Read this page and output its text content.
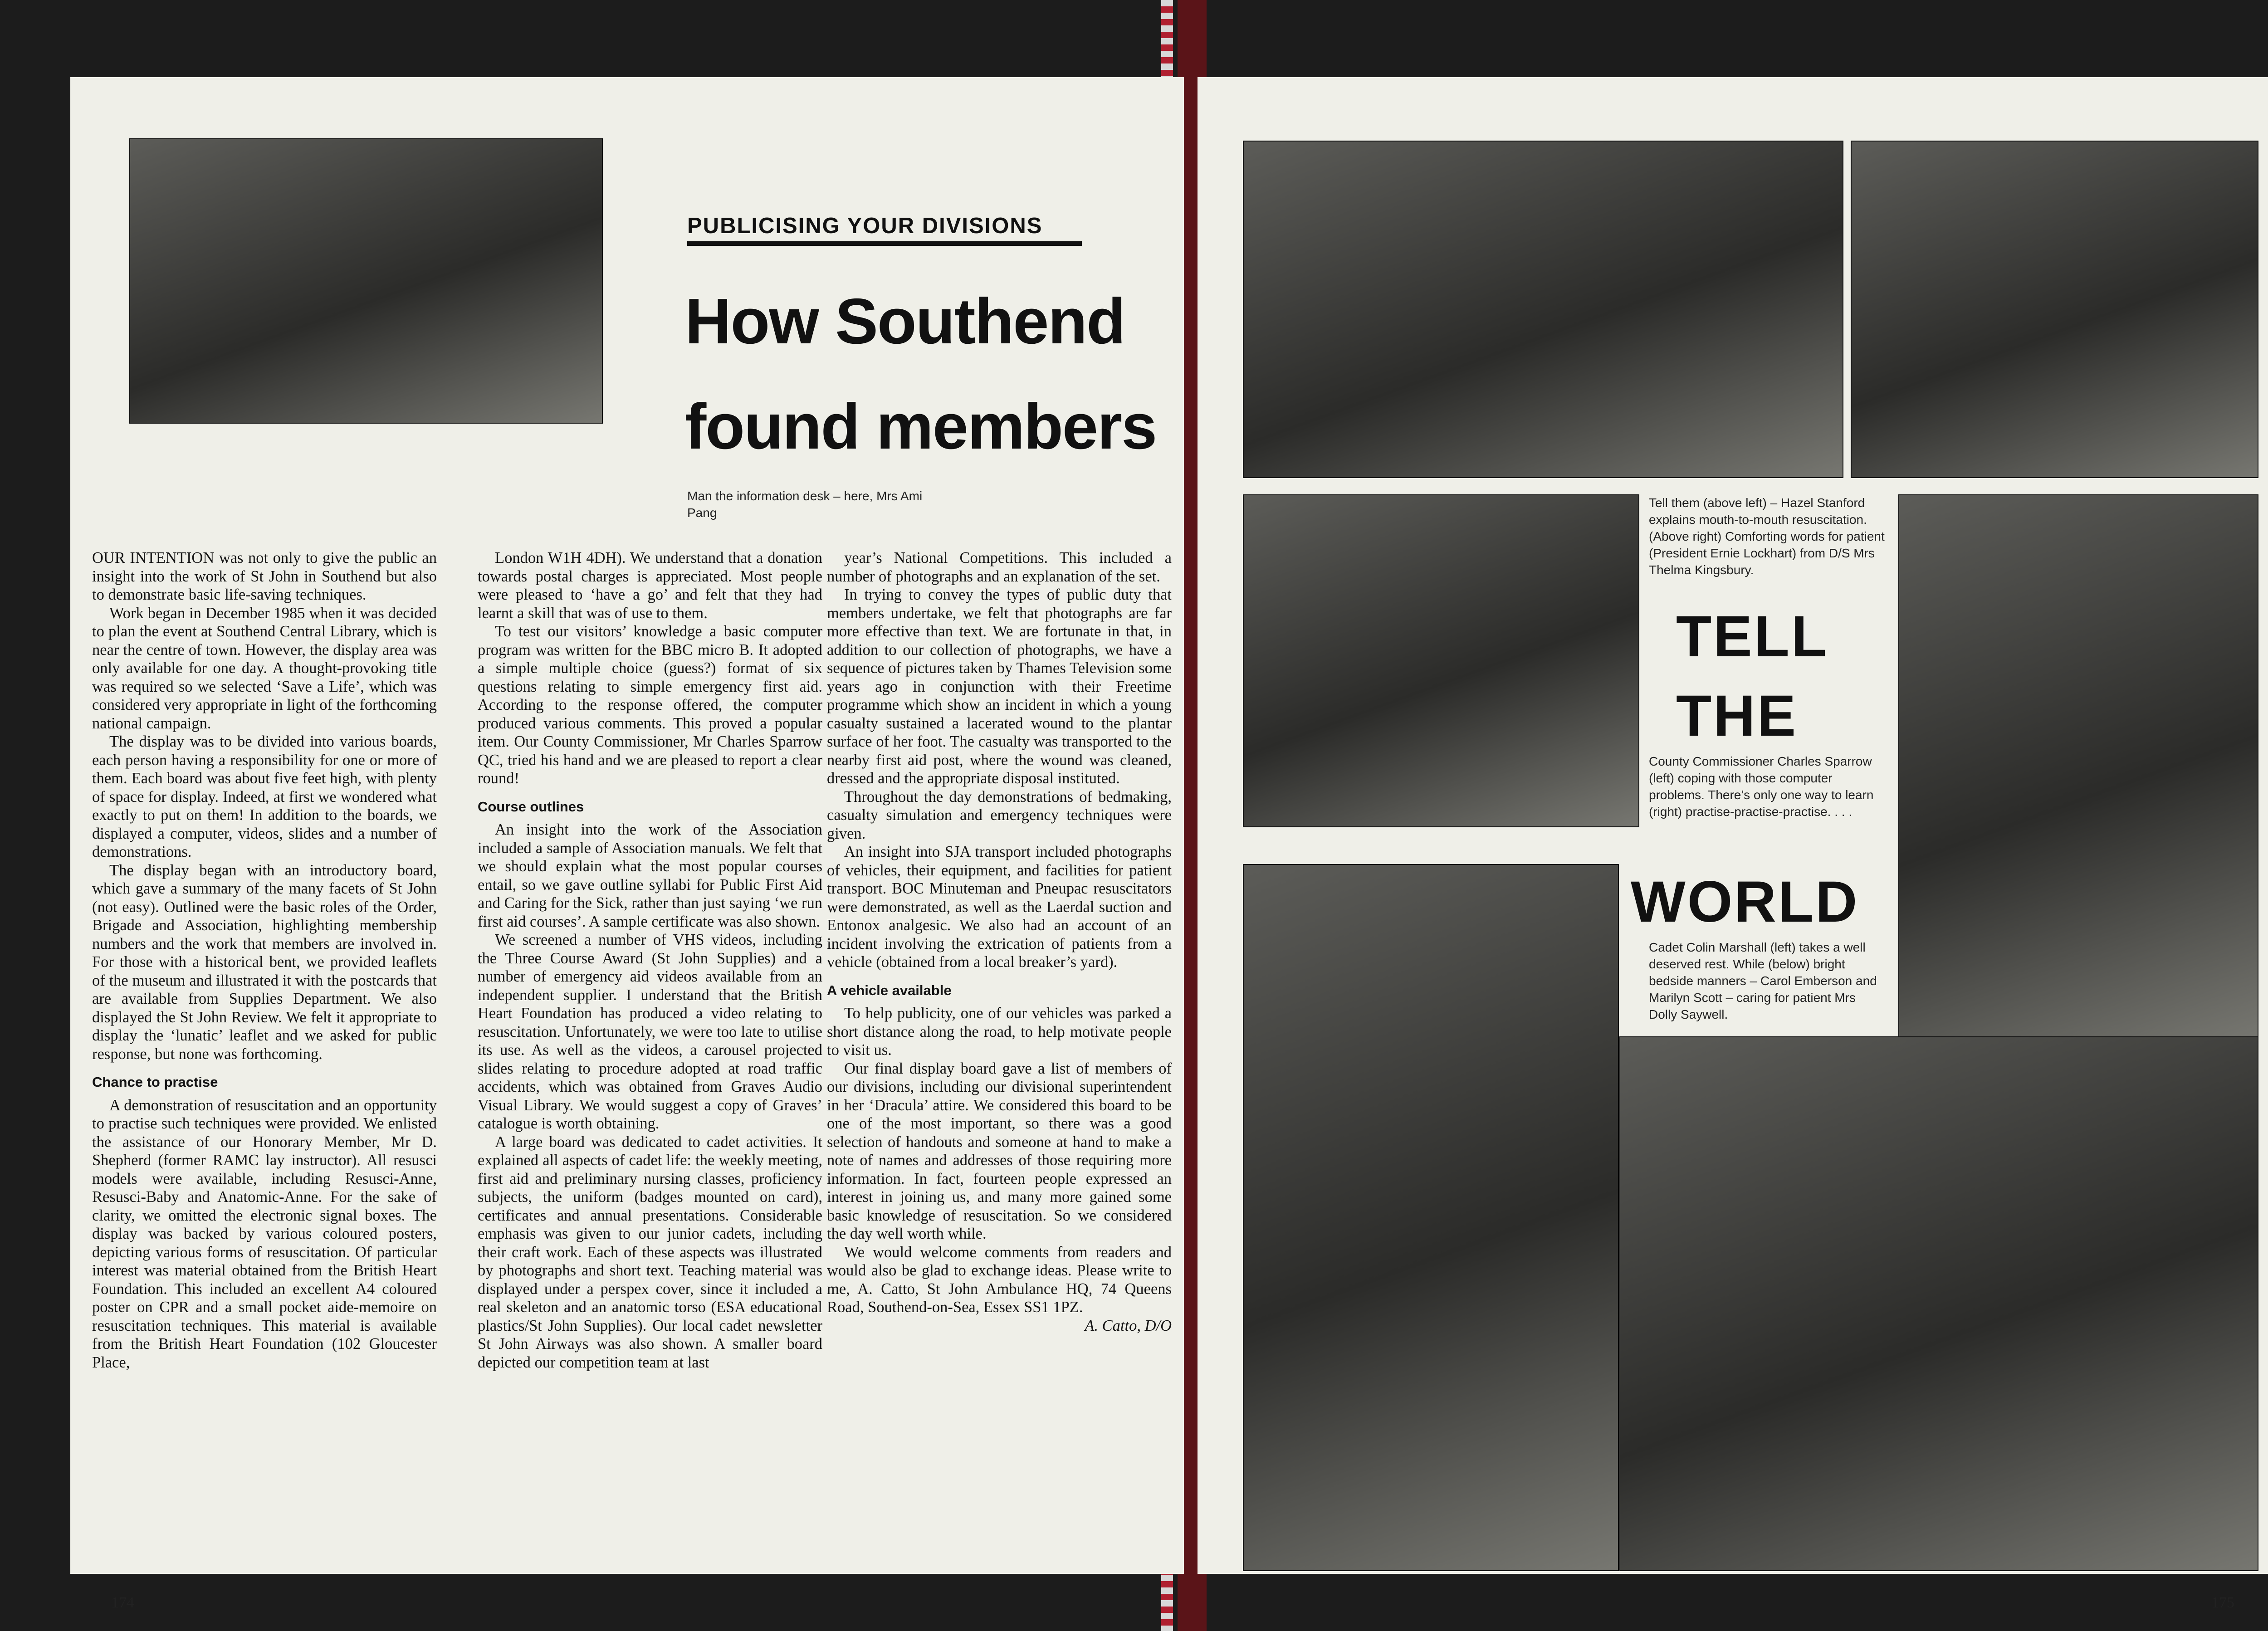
PUBLICISING YOUR DIVISIONS
How Southend
found members
Man the information desk – here, Mrs Ami Pang

OUR INTENTION was not only to give the public an insight into the work of St John in Southend but also to demonstrate basic life-saving techniques.

Work began in December 1985 when it was decided to plan the event at Southend Central Library, which is near the centre of town. However, the display area was only available for one day. A thought-provoking title was required so we selected ‘Save a Life’, which was considered very appropriate in light of the forthcoming national campaign.

The display was to be divided into various boards, each person having a responsibility for one or more of them. Each board was about five feet high, with plenty of space for display. Indeed, at first we wondered what exactly to put on them! In addition to the boards, we displayed a computer, videos, slides and a number of demonstrations.

The display began with an introductory board, which gave a summary of the many facets of St John (not easy). Outlined were the basic roles of the Order, Brigade and Association, highlighting membership numbers and the work that members are involved in. For those with a historical bent, we provided leaflets of the museum and illustrated it with the postcards that are available from Supplies Department. We also displayed the St John Review. We felt it appropriate to display the ‘lunatic’ leaflet and we asked for public response, but none was forthcoming.

Chance to practise

A demonstration of resuscitation and an opportunity to practise such techniques were provided. We enlisted the assistance of our Honorary Member, Mr D. Shepherd (former RAMC lay instructor). All resusci models were available, including Resusci-Anne, Resusci-Baby and Anatomic-Anne. For the sake of clarity, we omitted the electronic signal boxes. The display was backed by various coloured posters, depicting various forms of resuscitation. Of particular interest was material obtained from the British Heart Foundation. This included an excellent A4 coloured poster on CPR and a small pocket aide-memoire on resuscitation techniques. This material is available from the British Heart Foundation (102 Gloucester Place,

London W1H 4DH). We understand that a donation towards postal charges is appreciated. Most people were pleased to ‘have a go’ and felt that they had learnt a skill that was of use to them.

To test our visitors’ knowledge a basic computer program was written for the BBC micro B. It adopted a simple multiple choice (guess?) format of six questions relating to simple emergency first aid. According to the response offered, the computer produced various comments. This proved a popular item. Our County Commissioner, Mr Charles Sparrow QC, tried his hand and we are pleased to report a clear round!

Course outlines

An insight into the work of the Association included a sample of Association manuals. We felt that we should explain what the most popular courses entail, so we gave outline syllabi for Public First Aid and Caring for the Sick, rather than just saying ‘we run first aid courses’. A sample certificate was also shown.

We screened a number of VHS videos, including the Three Course Award (St John Supplies) and a number of emergency aid videos available from an independent supplier. I understand that the British Heart Foundation has produced a video relating to resuscitation. Unfortunately, we were too late to utilise its use. As well as the videos, a carousel projected slides relating to procedure adopted at road traffic accidents, which was obtained from Graves Audio Visual Library. We would suggest a copy of Graves’ catalogue is worth obtaining.

A large board was dedicated to cadet activities. It explained all aspects of cadet life: the weekly meeting, first aid and preliminary nursing classes, proficiency subjects, the uniform (badges mounted on card), certificates and annual presentations. Considerable emphasis was given to our junior cadets, including their craft work. Each of these aspects was illustrated by photographs and short text. Teaching material was displayed under a perspex cover, since it included a real skeleton and an anatomic torso (ESA educational plastics/St John Supplies). Our local cadet newsletter St John Airways was also shown. A smaller board depicted our competition team at last

year’s National Competitions. This included a number of photographs and an explanation of the set.

In trying to convey the types of public duty that members undertake, we felt that photographs are far more effective than text. We are fortunate in that, in addition to our collection of photographs, we have a sequence of pictures taken by Thames Television some years ago in conjunction with their Freetime programme which show an incident in which a young casualty sustained a lacerated wound to the plantar surface of her foot. The casualty was transported to the nearby first aid post, where the wound was cleaned, dressed and the appropriate disposal instituted.

Throughout the day demonstrations of bedmaking, casualty simulation and emergency techniques were given.

An insight into SJA transport included photographs of vehicles, their equipment, and facilities for patient transport. BOC Minuteman and Pneupac resuscitators were demonstrated, as well as the Laerdal suction and Entonox analgesic. We also had an account of an incident involving the extrication of patients from a vehicle (obtained from a local breaker’s yard).

A vehicle available

To help publicity, one of our vehicles was parked a short distance along the road, to help motivate people to visit us.

Our final display board gave a list of members of our divisions, including our divisional superintendent in her ‘Dracula’ attire. We considered this board to be one of the most important, so there was a good selection of handouts and someone at hand to make a note of names and addresses of those requiring more information. In fact, fourteen people expressed an interest in joining us, and many more gained some basic knowledge of resuscitation. So we considered the day well worth while.

We would welcome comments from readers and would also be glad to exchange ideas. Please write to me, A. Catto, St John Ambulance HQ, 74 Queens Road, Southend-on-Sea, Essex SS1 1PZ.

A. Catto, D/O

174
Tell them (above left) – Hazel Stanford explains mouth-to-mouth resuscitation. (Above right) Comforting words for patient (President Ernie Lockhart) from D/S Mrs Thelma Kingsbury.
TELL
THE
County Commissioner Charles Sparrow (left) coping with those computer problems. There’s only one way to learn (right) practise-practise-practise. . . .
WORLD
Cadet Colin Marshall (left) takes a well deserved rest. While (below) bright bedside manners – Carol Emberson and Marilyn Scott – caring for patient Mrs Dolly Saywell.
175
